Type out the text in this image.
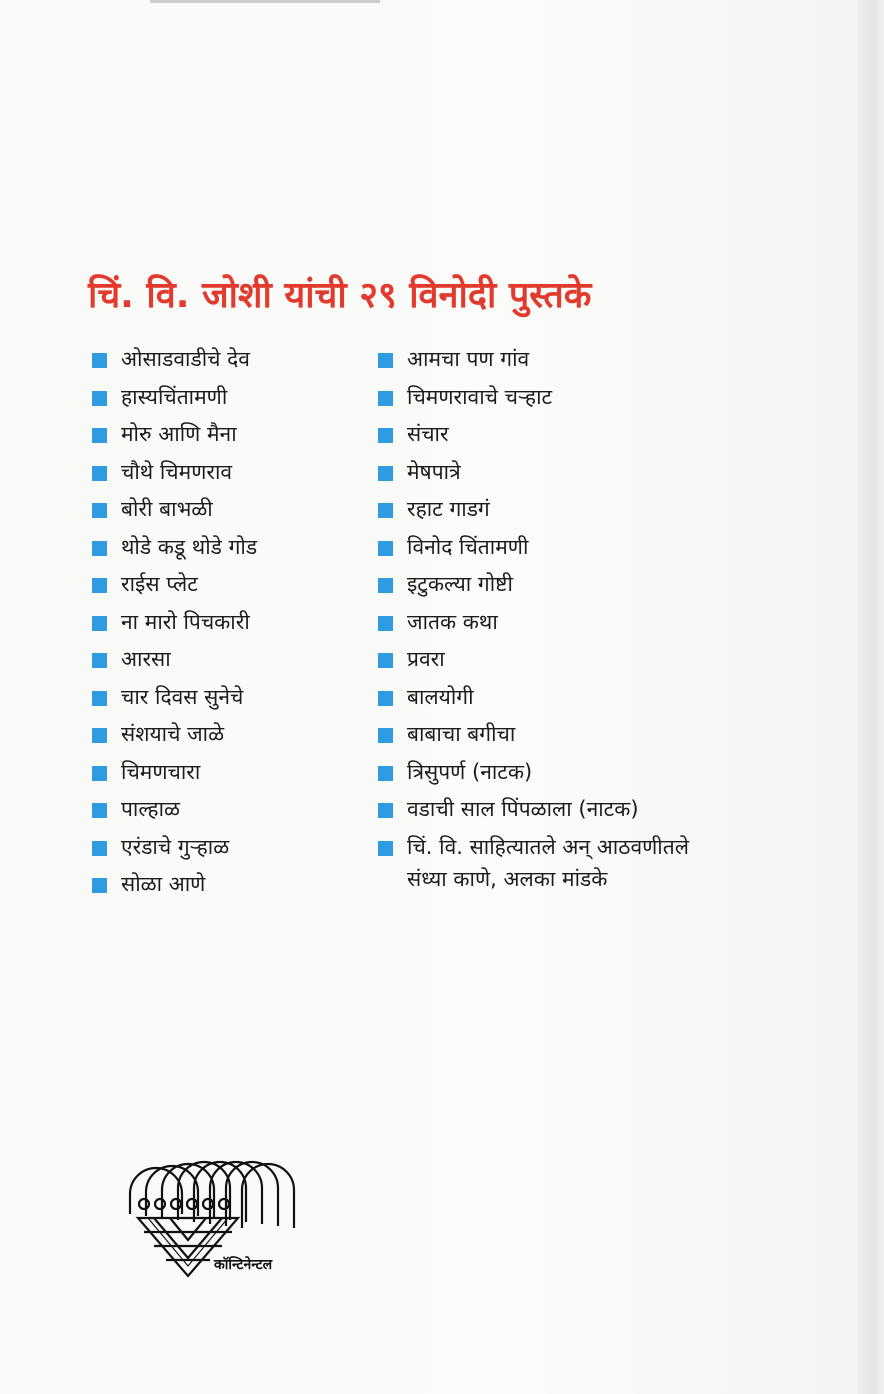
चिं. वि. जोशी यांची २९ विनोदी पुस्तके
ओसाडवाडीचे देव
हास्यचिंतामणी
मोरु आणि मैना
चौथे चिमणराव
बोरी बाभळी
थोडे कडू थोडे गोड
राईस प्लेट
ना मारो पिचकारी
आरसा
चार दिवस सुनेचे
संशयाचे जाळे
चिमणचारा
पाल्हाळ
एरंडाचे गुऱ्हाळ
सोळा आणे
आमचा पण गांव
चिमणरावाचे चऱ्हाट
संचार
मेषपात्रे
रहाट गाडगं
विनोद चिंतामणी
इटुकल्या गोष्टी
जातक कथा
प्रवरा
बालयोगी
बाबाचा बगीचा
त्रिसुपर्ण (नाटक)
वडाची साल पिंपळाला (नाटक)
चिं. वि. साहित्यातले अन् आठवणीतले
संध्या काणे, अलका मांडके
कॉन्टिनेन्टल
